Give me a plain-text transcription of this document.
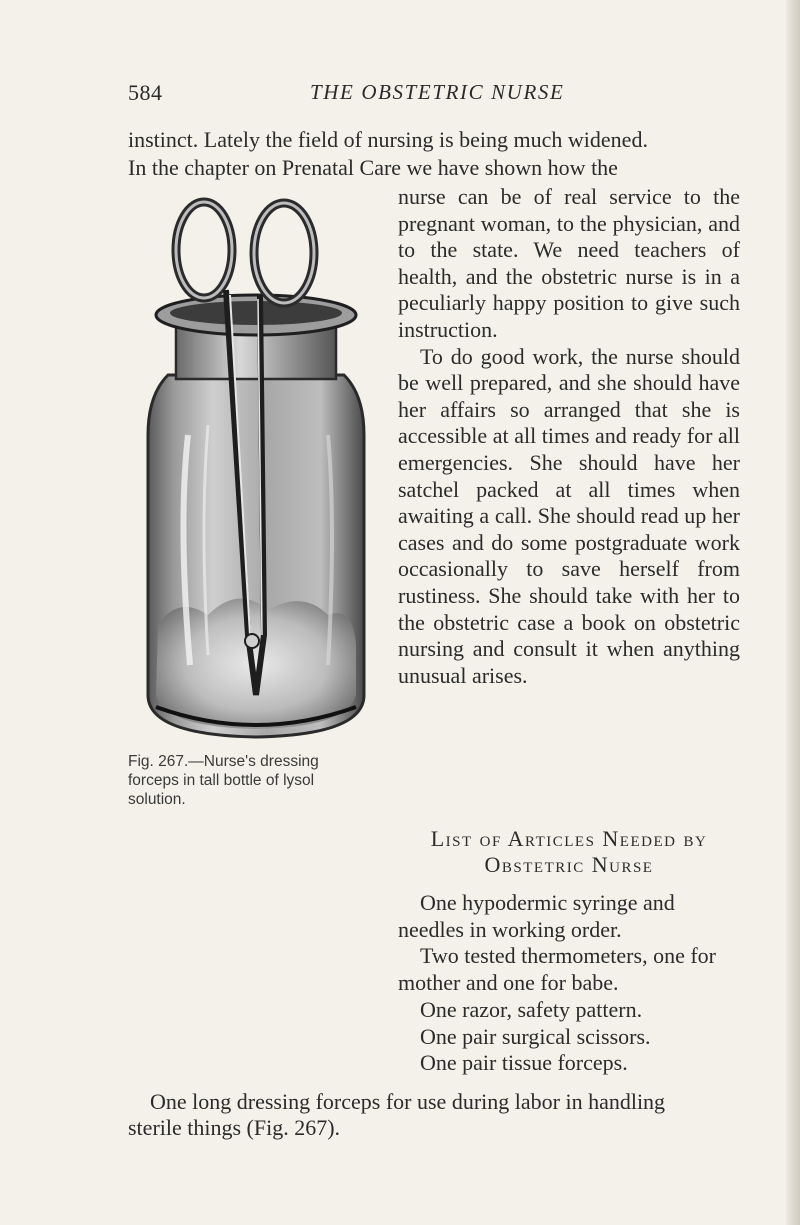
584	THE OBSTETRIC NURSE
instinct. Lately the field of nursing is being much widened.
In the chapter on Prenatal Care we have shown how the
Fig. 267.—Nurse's dressing
forceps in tall bottle of lysol
solution.

nurse can be of real service to the pregnant woman, to the physician, and to the state. We need teachers of health, and the obstetric nurse is in a peculiarly happy position to give such instruction.

To do good work, the nurse should be well prepared, and she should have her affairs so arranged that she is accessible at all times and ready for all emergencies. She should have her satchel packed at all times when awaiting a call. She should read up her cases and do some postgraduate work occasionally to save herself from rustiness. She should take with her to the obstetric case a book on obstetric nursing and consult it when anything unusual arises.

List of Articles Needed by
Obstetric Nurse

One hypodermic syringe and needles in working order.

Two tested thermometers, one for mother and one for babe.

One razor, safety pattern.

One pair surgical scissors.

One pair tissue forceps.

One long dressing forceps for use during labor in handling
sterile things (Fig. 267).
